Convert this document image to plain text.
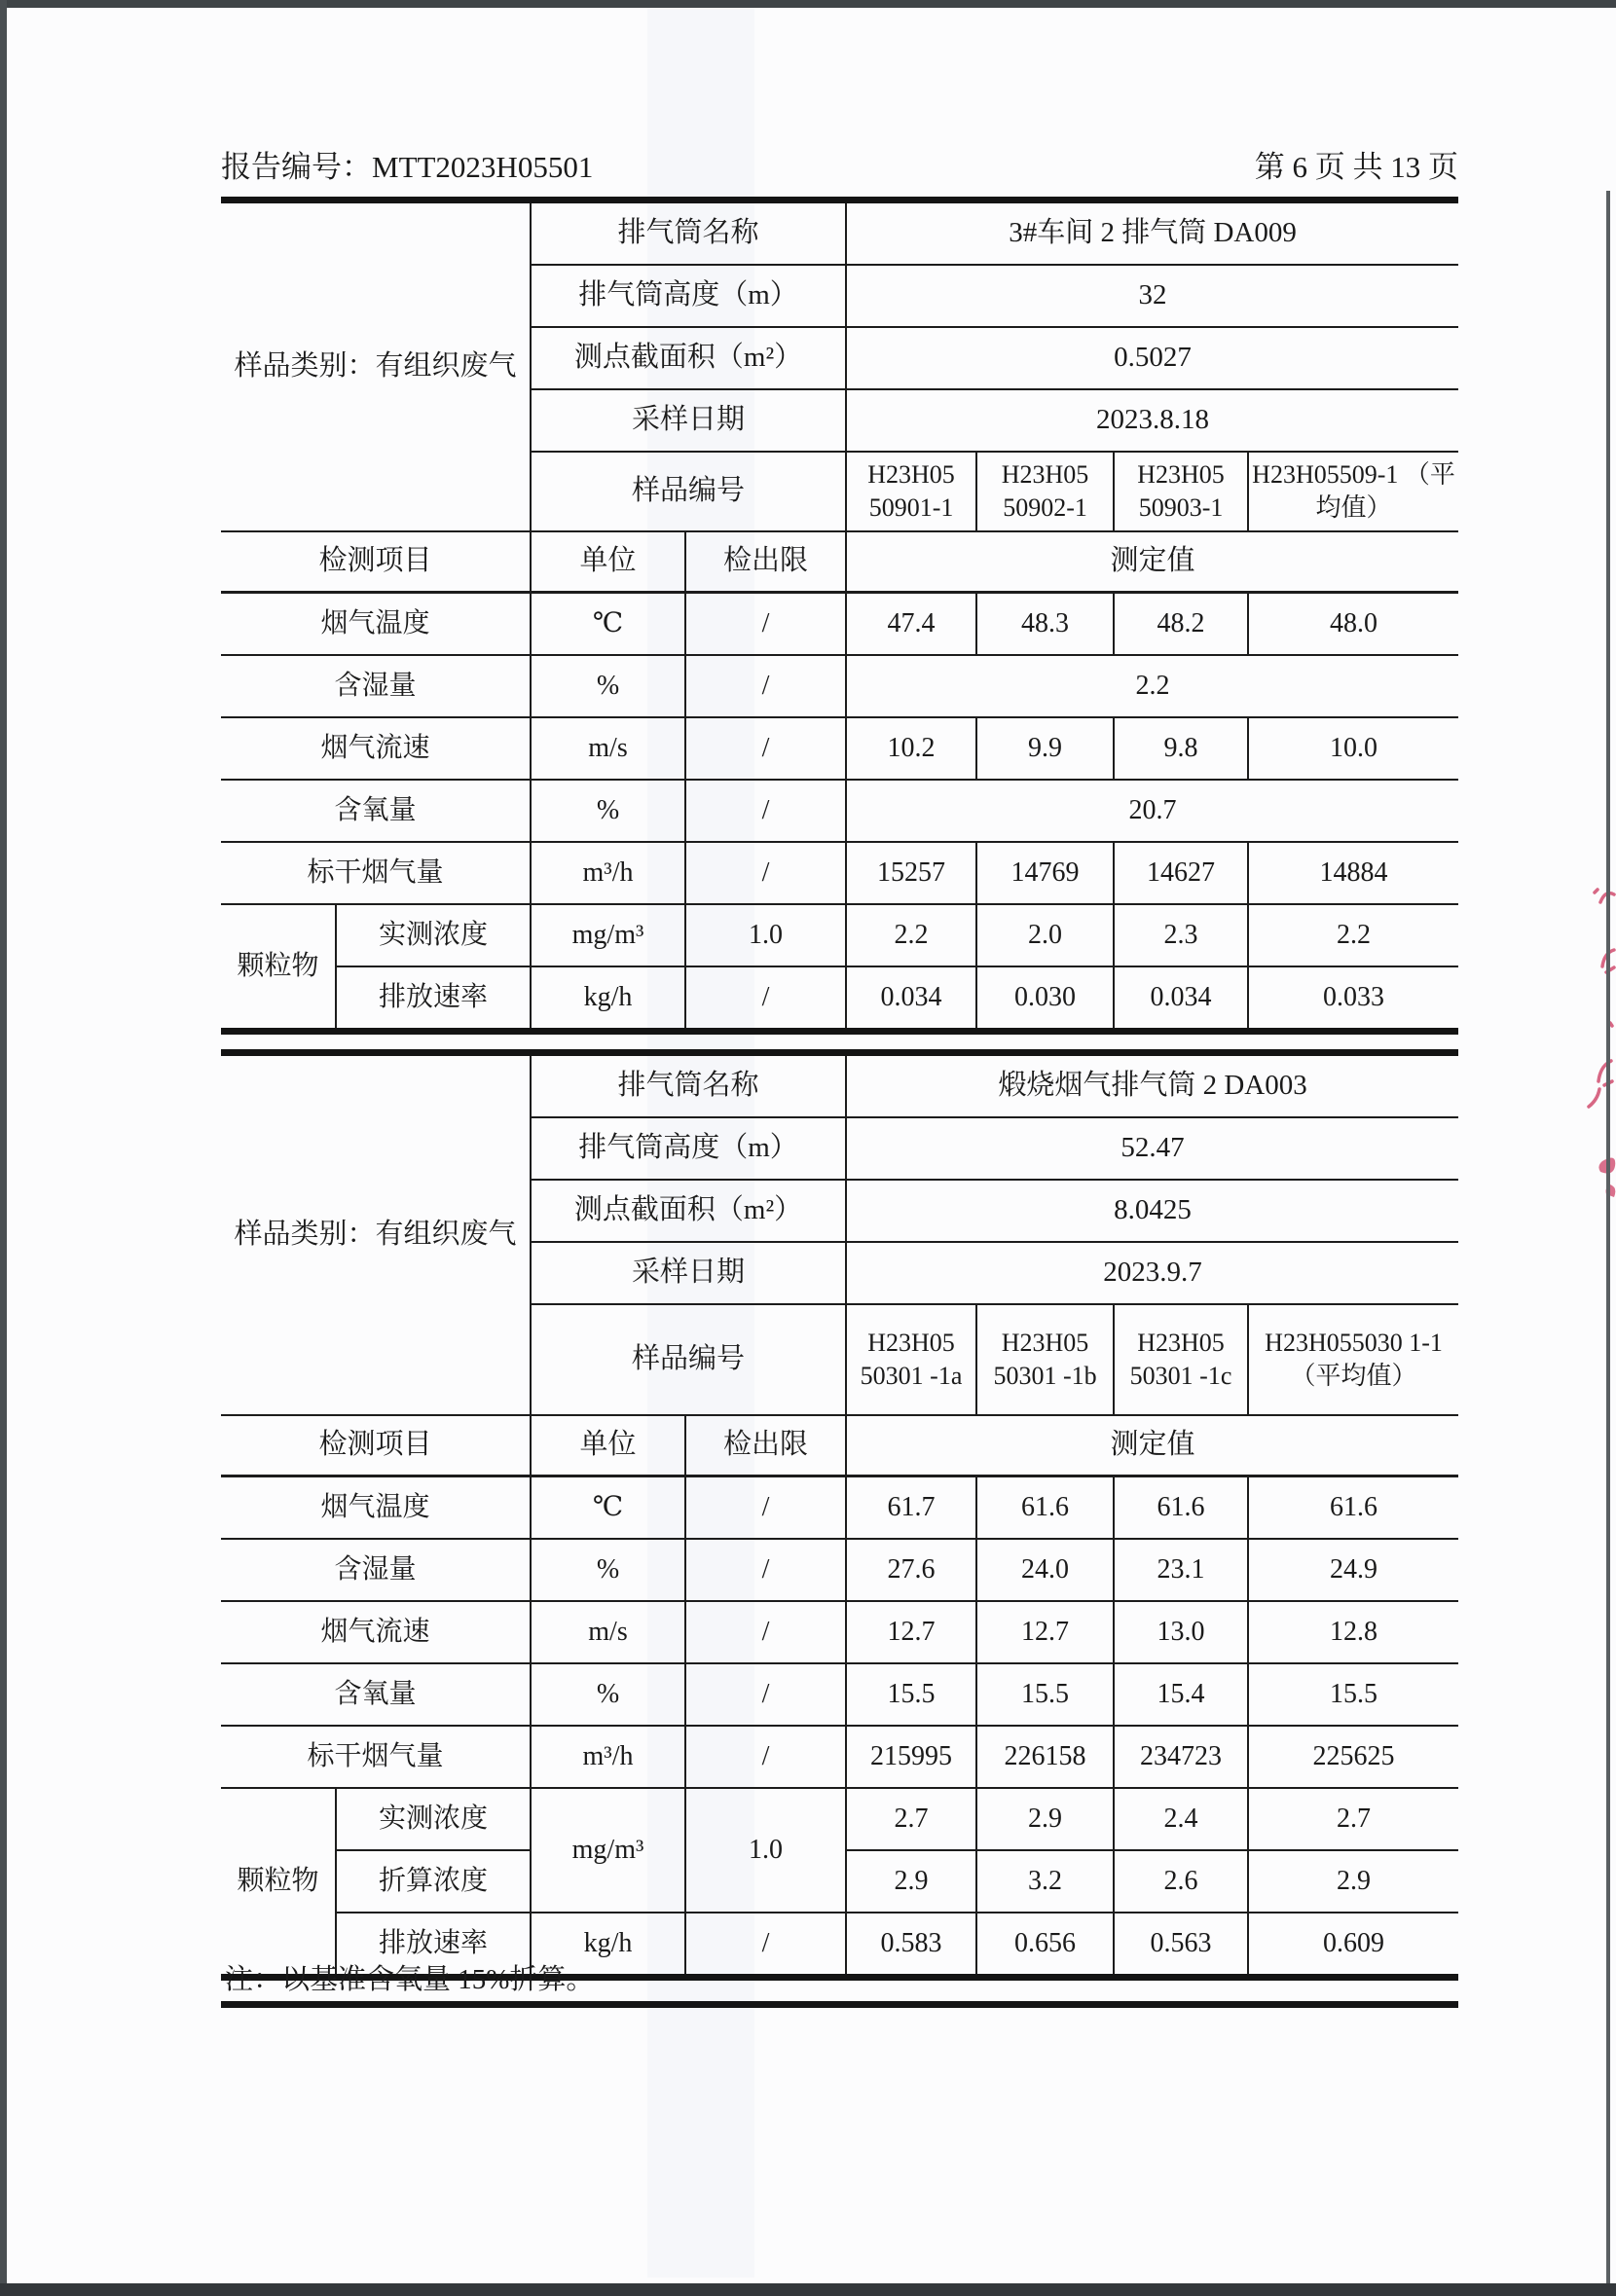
报告编号：MTT2023H05501	第 6 页 共 13 页
样品类别：有组织废气		排气筒名称		3#车间 2 排气筒 DA009			
		排气筒高度（m）		32			
		测点截面积（m²）		0.5027			
		采样日期		2023.8.18			
		样品编号		H23H05 50901-1	H23H05 50902-1	H23H05 50903-1	H23H05509-1 （平均值）
检测项目		单位	检出限	测定值			
烟气温度		℃	/	47.4	48.3	48.2	48.0
含湿量		%	/	2.2			
烟气流速		m/s	/	10.2	9.9	9.8	10.0
含氧量		%	/	20.7			
标干烟气量		m³/h	/	15257	14769	14627	14884
颗粒物	实测浓度	mg/m³	1.0	2.2	2.0	2.3	2.2
	排放速率	kg/h	/	0.034	0.030	0.034	0.033
样品类别：有组织废气		排气筒名称		煅烧烟气排气筒 2 DA003			
		排气筒高度（m）		52.47			
		测点截面积（m²）		8.0425			
		采样日期		2023.9.7			
		样品编号		H23H05 50301 -1a	H23H05 50301 -1b	H23H05 50301 -1c	H23H055030 1-1（平均值）
检测项目		单位	检出限	测定值			
烟气温度		℃	/	61.7	61.6	61.6	61.6
含湿量		%	/	27.6	24.0	23.1	24.9
烟气流速		m/s	/	12.7	12.7	13.0	12.8
含氧量		%	/	15.5	15.5	15.4	15.5
标干烟气量		m³/h	/	215995	226158	234723	225625
颗粒物	实测浓度	mg/m³	1.0	2.7	2.9	2.4	2.7
	折算浓度			2.9	3.2	2.6	2.9
	排放速率	kg/h	/	0.583	0.656	0.563	0.609
注：以基准含氧量 15%折算。
